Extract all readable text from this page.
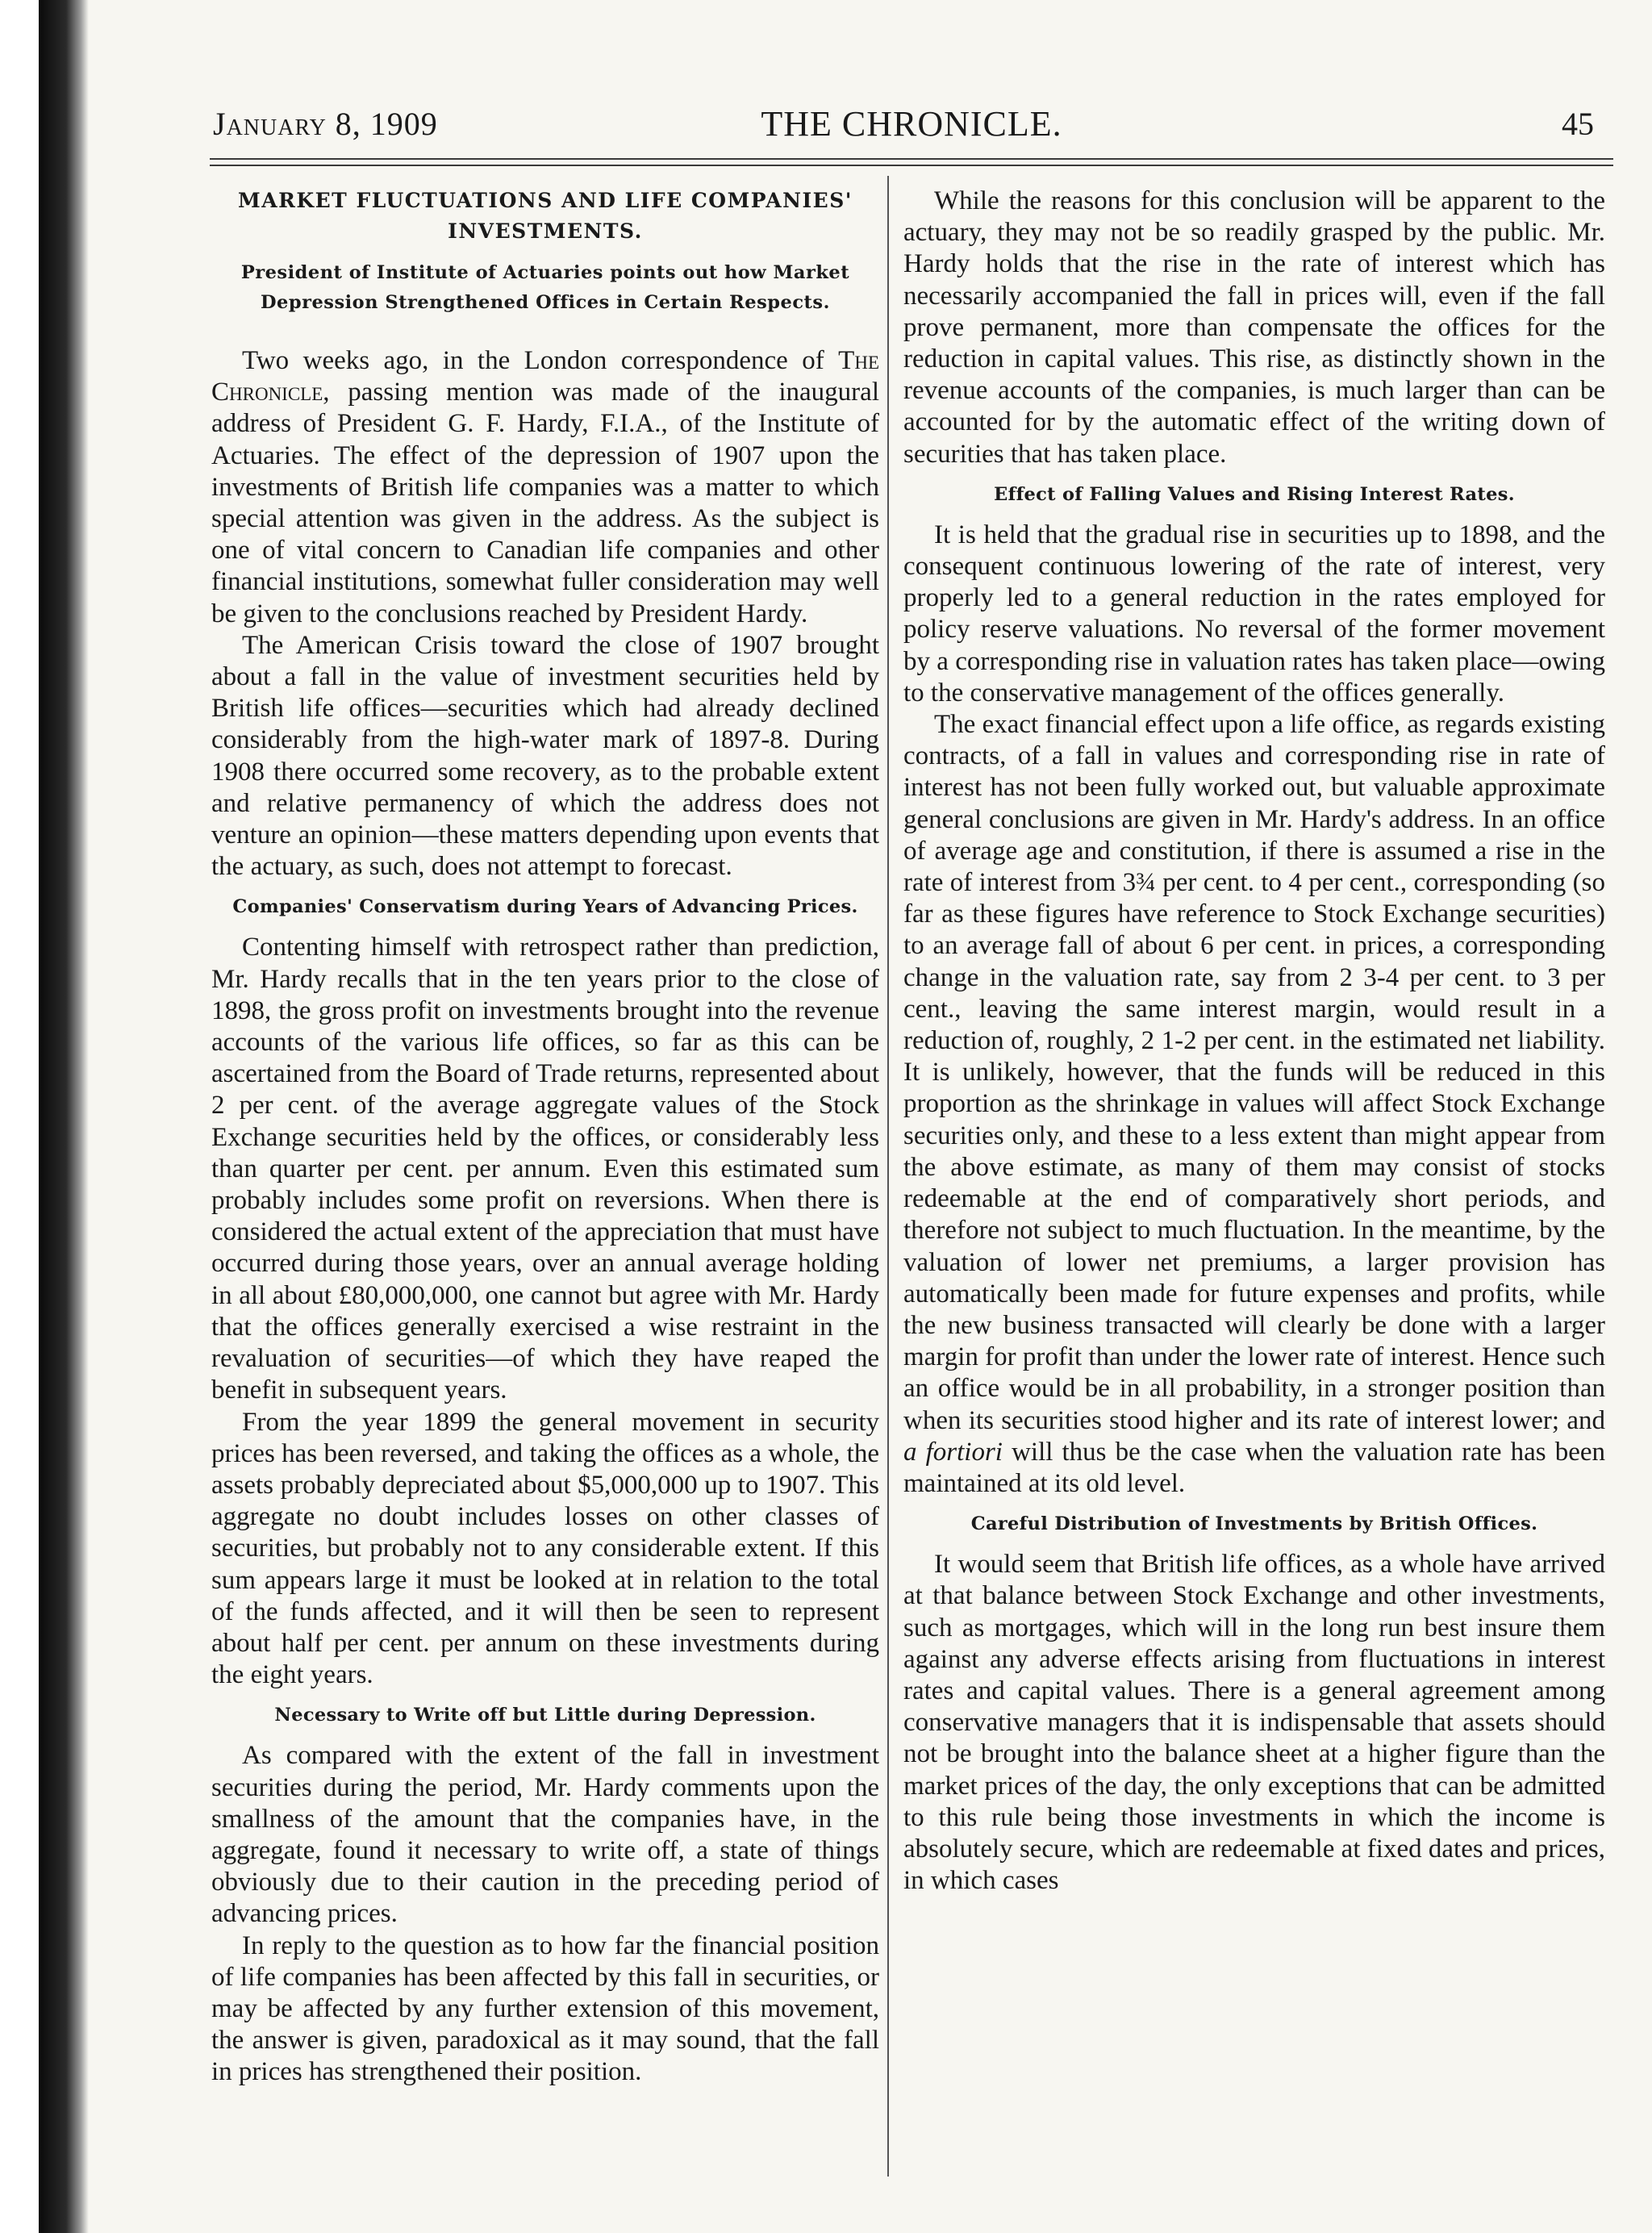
January 8, 1909	THE CHRONICLE.	45
MARKET FLUCTUATIONS AND LIFE COMPANIES' INVESTMENTS.
President of Institute of Actuaries points out how Market Depression Strengthened Offices in Certain Respects.

Two weeks ago, in the London correspondence of The Chronicle, passing mention was made of the inaugural address of President G. F. Hardy, F.I.A., of the Institute of Actuaries. The effect of the depression of 1907 upon the investments of British life companies was a matter to which special attention was given in the address. As the subject is one of vital concern to Canadian life companies and other financial institutions, somewhat fuller consideration may well be given to the conclusions reached by President Hardy.

The American Crisis toward the close of 1907 brought about a fall in the value of investment securities held by British life offices—securities which had already declined considerably from the high-water mark of 1897-8. During 1908 there occurred some recovery, as to the probable extent and relative permanency of which the address does not venture an opinion—these matters depending upon events that the actuary, as such, does not attempt to forecast.

Companies' Conservatism during Years of Advancing Prices.

Contenting himself with retrospect rather than prediction, Mr. Hardy recalls that in the ten years prior to the close of 1898, the gross profit on investments brought into the revenue accounts of the various life offices, so far as this can be ascertained from the Board of Trade returns, represented about 2 per cent. of the average aggregate values of the Stock Exchange securities held by the offices, or considerably less than quarter per cent. per annum. Even this estimated sum probably includes some profit on reversions. When there is considered the actual extent of the appreciation that must have occurred during those years, over an annual average holding in all about £80,000,000, one cannot but agree with Mr. Hardy that the offices generally exercised a wise restraint in the revaluation of securities—of which they have reaped the benefit in subsequent years.

From the year 1899 the general movement in security prices has been reversed, and taking the offices as a whole, the assets probably depreciated about $5,000,000 up to 1907. This aggregate no doubt includes losses on other classes of securities, but probably not to any considerable extent. If this sum appears large it must be looked at in relation to the total of the funds affected, and it will then be seen to represent about half per cent. per annum on these investments during the eight years.

Necessary to Write off but Little during Depression.

As compared with the extent of the fall in investment securities during the period, Mr. Hardy comments upon the smallness of the amount that the companies have, in the aggregate, found it necessary to write off, a state of things obviously due to their caution in the preceding period of advancing prices.

In reply to the question as to how far the financial position of life companies has been affected by this fall in securities, or may be affected by any further extension of this movement, the answer is given, paradoxical as it may sound, that the fall in prices has strengthened their position.

While the reasons for this conclusion will be apparent to the actuary, they may not be so readily grasped by the public. Mr. Hardy holds that the rise in the rate of interest which has necessarily accompanied the fall in prices will, even if the fall prove permanent, more than compensate the offices for the reduction in capital values. This rise, as distinctly shown in the revenue accounts of the companies, is much larger than can be accounted for by the automatic effect of the writing down of securities that has taken place.

Effect of Falling Values and Rising Interest Rates.

It is held that the gradual rise in securities up to 1898, and the consequent continuous lowering of the rate of interest, very properly led to a general reduction in the rates employed for policy reserve valuations. No reversal of the former movement by a corresponding rise in valuation rates has taken place—owing to the conservative management of the offices generally.

The exact financial effect upon a life office, as regards existing contracts, of a fall in values and corresponding rise in rate of interest has not been fully worked out, but valuable approximate general conclusions are given in Mr. Hardy's address. In an office of average age and constitution, if there is assumed a rise in the rate of interest from 3¾ per cent. to 4 per cent., corresponding (so far as these figures have reference to Stock Exchange securities) to an average fall of about 6 per cent. in prices, a corresponding change in the valuation rate, say from 2 3-4 per cent. to 3 per cent., leaving the same interest margin, would result in a reduction of, roughly, 2 1-2 per cent. in the estimated net liability. It is unlikely, however, that the funds will be reduced in this proportion as the shrinkage in values will affect Stock Exchange securities only, and these to a less extent than might appear from the above estimate, as many of them may consist of stocks redeemable at the end of comparatively short periods, and therefore not subject to much fluctuation. In the meantime, by the valuation of lower net premiums, a larger provision has automatically been made for future expenses and profits, while the new business transacted will clearly be done with a larger margin for profit than under the lower rate of interest. Hence such an office would be in all probability, in a stronger position than when its securities stood higher and its rate of interest lower; and a fortiori will thus be the case when the valuation rate has been maintained at its old level.

Careful Distribution of Investments by British Offices.

It would seem that British life offices, as a whole have arrived at that balance between Stock Exchange and other investments, such as mortgages, which will in the long run best insure them against any adverse effects arising from fluctuations in interest rates and capital values. There is a general agreement among conservative managers that it is indispensable that assets should not be brought into the balance sheet at a higher figure than the market prices of the day, the only exceptions that can be admitted to this rule being those investments in which the income is absolutely secure, which are redeemable at fixed dates and prices, in which cases
